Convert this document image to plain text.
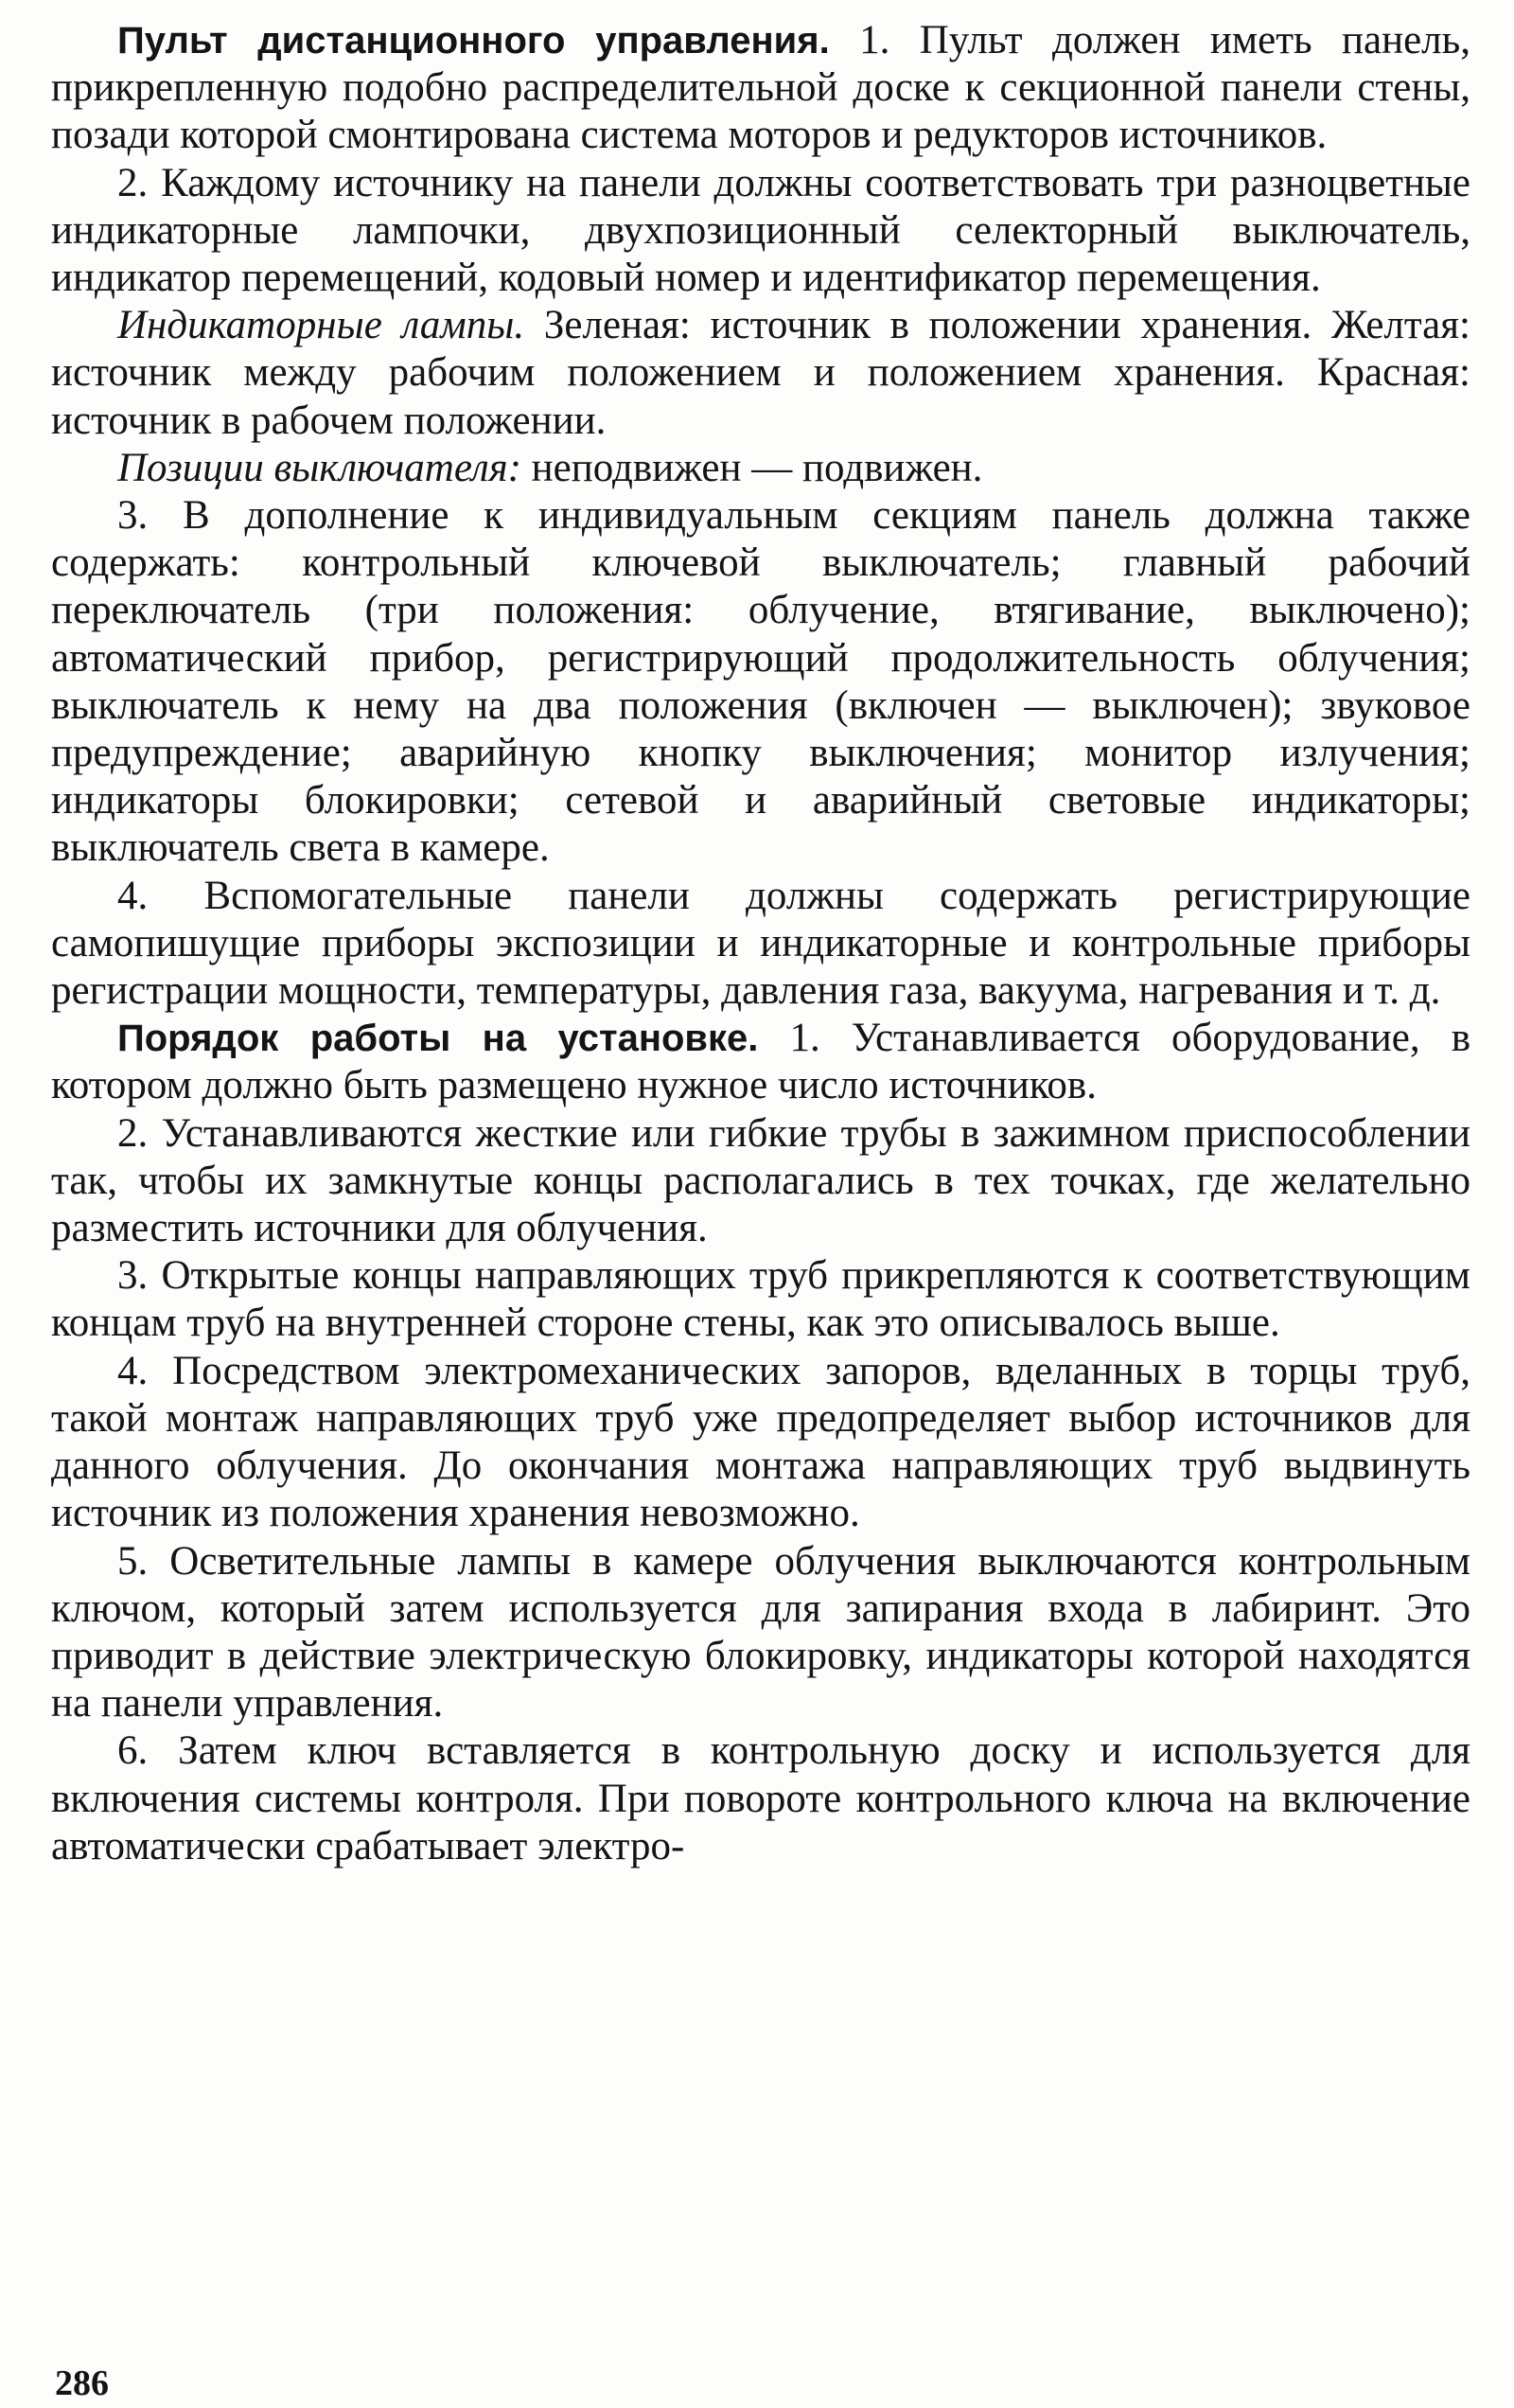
Пульт дистанционного управления. 1. Пульт должен иметь панель, прикрепленную подобно распределительной доске к секционной панели стены, позади которой смонтирована система моторов и редукторов источников.

2. Каждому источнику на панели должны соответствовать три разноцветные индикаторные лампочки, двухпозиционный селекторный выключатель, индикатор перемещений, кодовый номер и идентификатор перемещения.

Индикаторные лампы. Зеленая: источник в положении хранения. Желтая: источник между рабочим положением и положением хранения. Красная: источник в рабочем положении.

Позиции выключателя: неподвижен — подвижен.

3. В дополнение к индивидуальным секциям панель должна также содержать: контрольный ключевой выключатель; главный рабочий переключатель (три положения: облучение, втягивание, выключено); автоматический прибор, регистрирующий продолжительность облучения; выключатель к нему на два положения (включен — выключен); звуковое предупреждение; аварийную кнопку выключения; монитор излучения; индикаторы блокировки; сетевой и аварийный световые индикаторы; выключатель света в камере.

4. Вспомогательные панели должны содержать регистрирующие самопишущие приборы экспозиции и индикаторные и контрольные приборы регистрации мощности, температуры, давления газа, вакуума, нагревания и т. д.

Порядок работы на установке. 1. Устанавливается оборудование, в котором должно быть размещено нужное число источников.

2. Устанавливаются жесткие или гибкие трубы в зажимном приспособлении так, чтобы их замкнутые концы располагались в тех точках, где желательно разместить источники для облучения.

3. Открытые концы направляющих труб прикрепляются к соответствующим концам труб на внутренней стороне стены, как это описывалось выше.

4. Посредством электромеханических запоров, вделанных в торцы труб, такой монтаж направляющих труб уже предопределяет выбор источников для данного облучения. До окончания монтажа направляющих труб выдвинуть источник из положения хранения невозможно.

5. Осветительные лампы в камере облучения выключаются контрольным ключом, который затем используется для запирания входа в лабиринт. Это приводит в действие электрическую блокировку, индикаторы которой находятся на панели управления.

6. Затем ключ вставляется в контрольную доску и используется для включения системы контроля. При повороте контрольного ключа на включение автоматически срабатывает электро-

286
